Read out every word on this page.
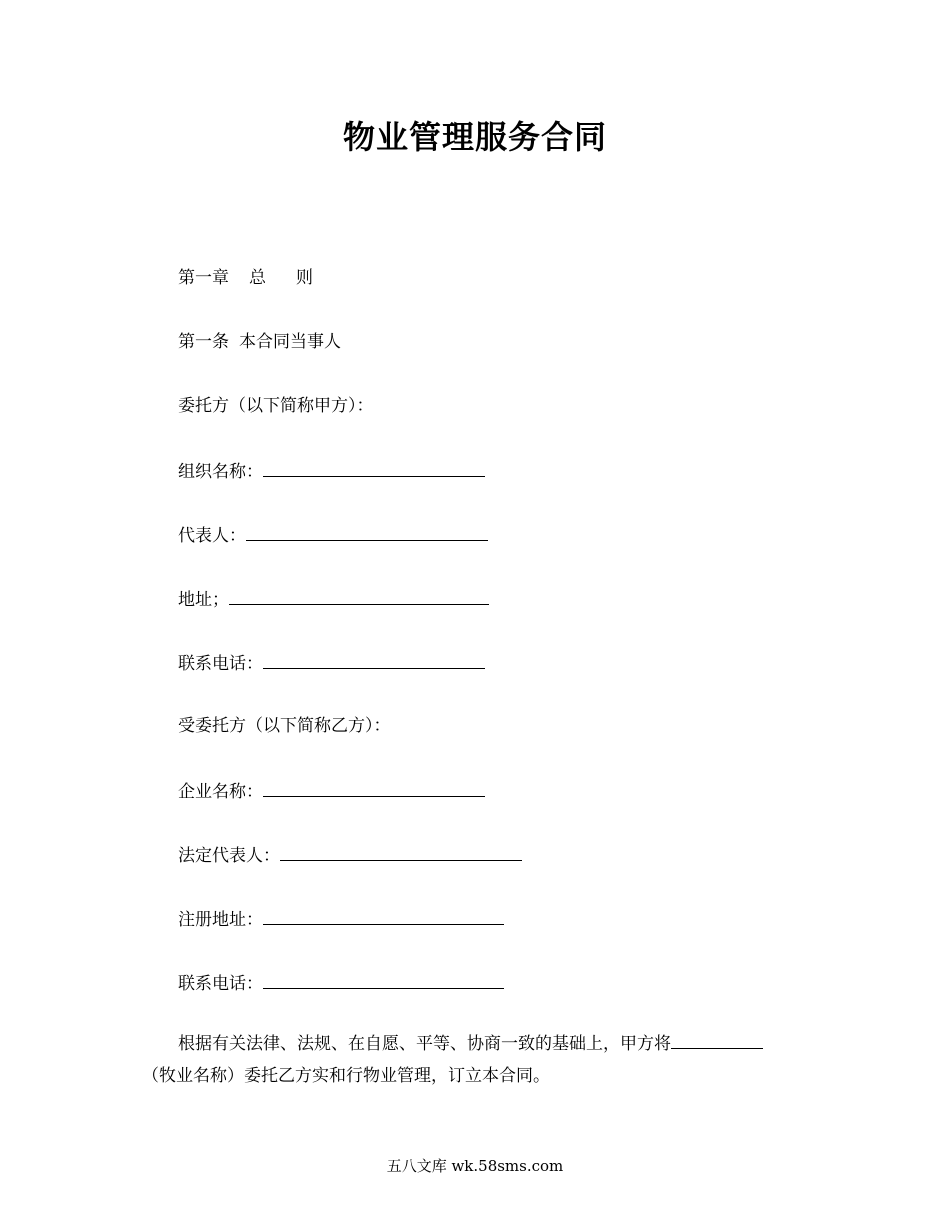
物业管理服务合同
第一章 总 则
第一条 本合同当事人
委托方（以下简称甲方）：
组织名称：
代表人：
地址；
联系电话：
受委托方（以下简称乙方）：
企业名称：
法定代表人：
注册地址：
联系电话：
根据有关法律、法规、在自愿、平等、协商一致的基础上，甲方将
（牧业名称）委托乙方实和行物业管理，订立本合同。
五八文库 wk.58sms.com
